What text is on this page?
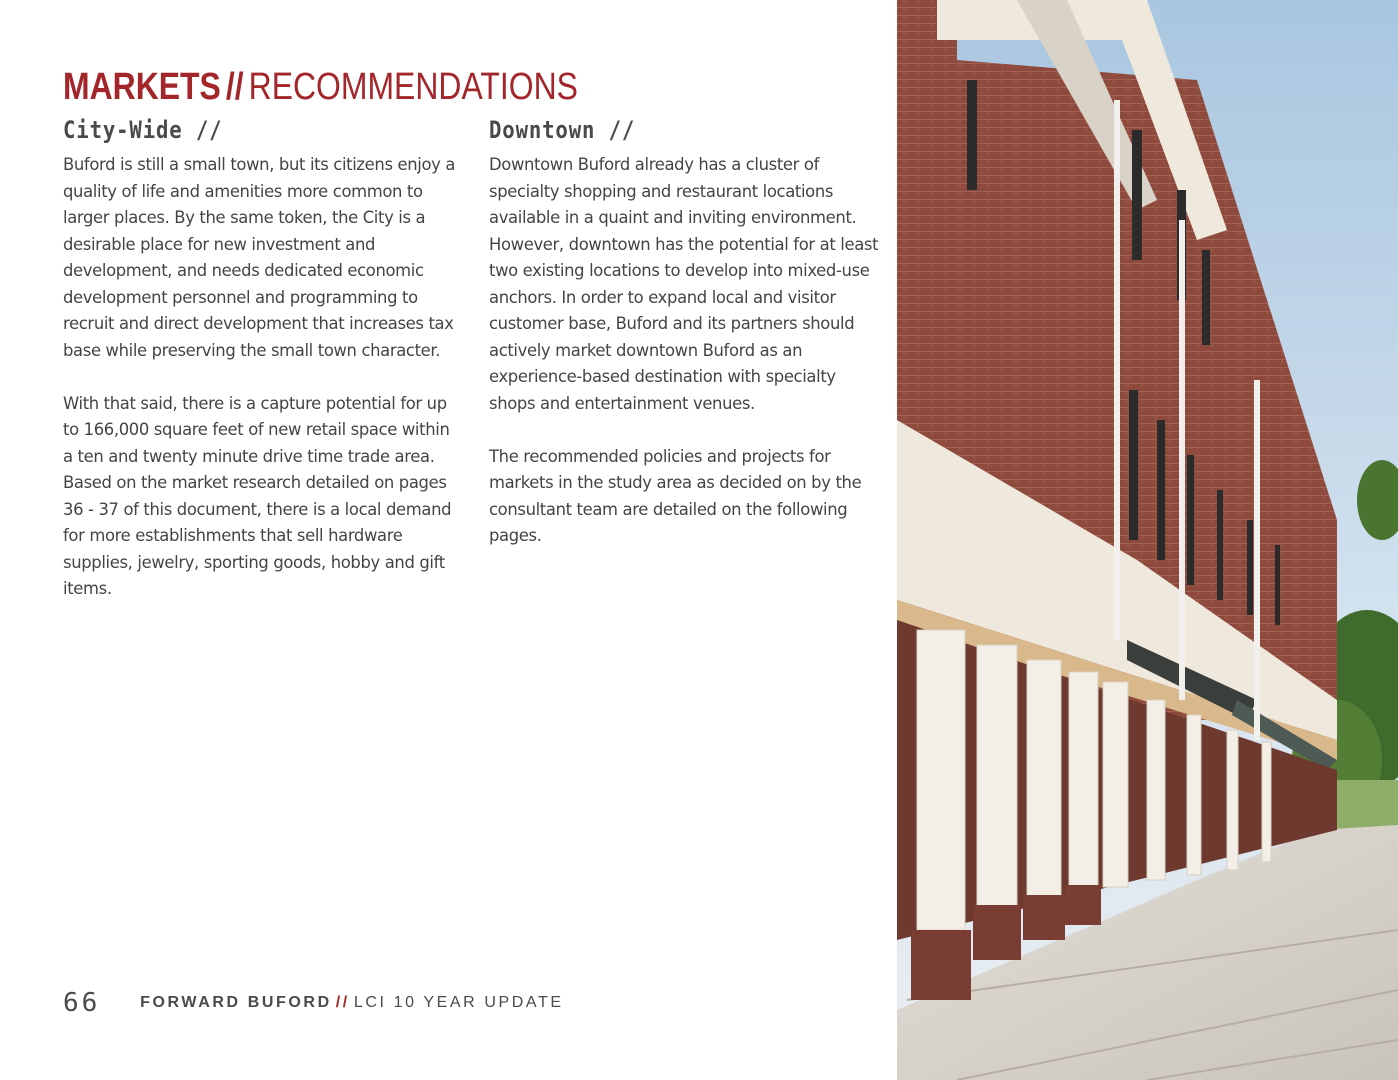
MARKETS // RECOMMENDATIONS
City-Wide //

Buford is still a small town, but its citizens enjoy a quality of life and amenities more common to larger places. By the same token, the City is a desirable place for new investment and development, and needs dedicated economic development personnel and programming to recruit and direct development that increases tax base while preserving the small town character.

With that said, there is a capture potential for up to 166,000 square feet of new retail space within a ten and twenty minute drive time trade area. Based on the market research detailed on pages 36 - 37 of this document, there is a local demand for more establishments that sell hardware supplies, jewelry, sporting goods, hobby and gift items.

Downtown //

Downtown Buford already has a cluster of specialty shopping and restaurant locations available in a quaint and inviting environment. However, downtown has the potential for at least two existing locations to develop into mixed-use anchors. In order to expand local and visitor customer base, Buford and its partners should actively market downtown Buford as an experience-based destination with specialty shops and entertainment venues.

The recommended policies and projects for markets in the study area as decided on by the consultant team are detailed on the following pages.

66 FORWARD BUFORD // LCI 10 YEAR UPDATE
